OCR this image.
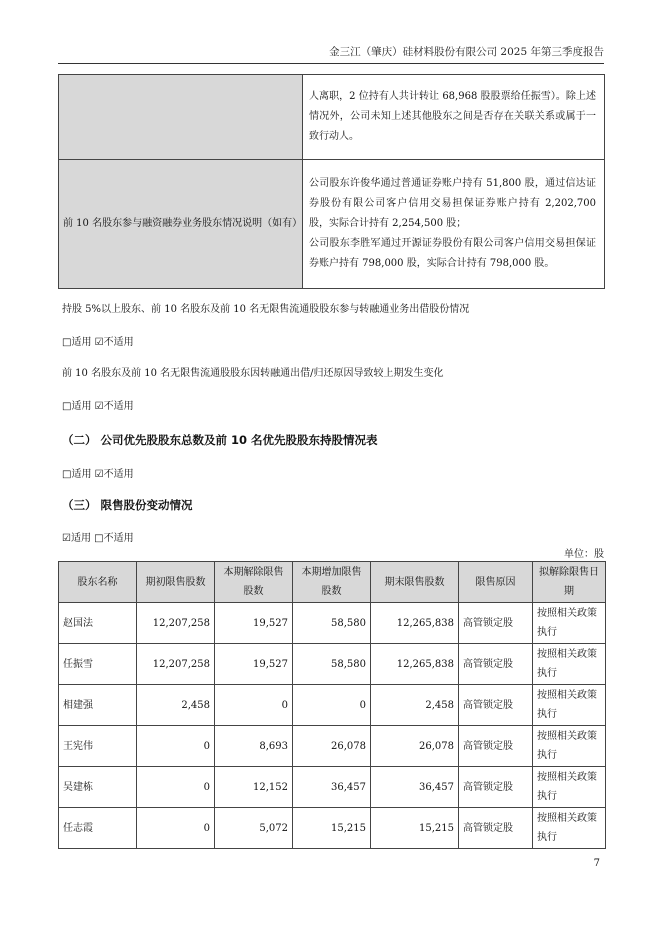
金三江（肇庆）硅材料股份有限公司 2025 年第三季度报告
	人离职，2 位持有人共计转让 68,968 股股票给任振雪）。除上述情况外，公司未知上述其他股东之间是否存在关联关系或属于一致行动人。
前 10 名股东参与融资融券业务股东情况说明（如有）	公司股东许俊华通过普通证券账户持有 51,800 股，通过信达证券股份有限公司客户信用交易担保证券账户持有 2,202,700 股，实际合计持有 2,254,500 股；
公司股东李胜军通过开源证券股份有限公司客户信用交易担保证券账户持有 798,000 股，实际合计持有 798,000 股。
持股 5%以上股东、前 10 名股东及前 10 名无限售流通股股东参与转融通业务出借股份情况
□适用 ☑不适用
前 10 名股东及前 10 名无限售流通股股东因转融通出借/归还原因导致较上期发生变化
□适用 ☑不适用
（二） 公司优先股股东总数及前 10 名优先股股东持股情况表
□适用 ☑不适用
（三） 限售股份变动情况
☑适用 □不适用
单位：股
股东名称	期初限售股数	本期解除限售股数	本期增加限售股数	期末限售股数	限售原因	拟解除限售日期
赵国法	12,207,258	19,527	58,580	12,265,838	高管锁定股	按照相关政策执行
任振雪	12,207,258	19,527	58,580	12,265,838	高管锁定股	按照相关政策执行
相建强	2,458	0	0	2,458	高管锁定股	按照相关政策执行
王宪伟	0	8,693	26,078	26,078	高管锁定股	按照相关政策执行
吴建栋	0	12,152	36,457	36,457	高管锁定股	按照相关政策执行
任志霞	0	5,072	15,215	15,215	高管锁定股	按照相关政策执行
7
